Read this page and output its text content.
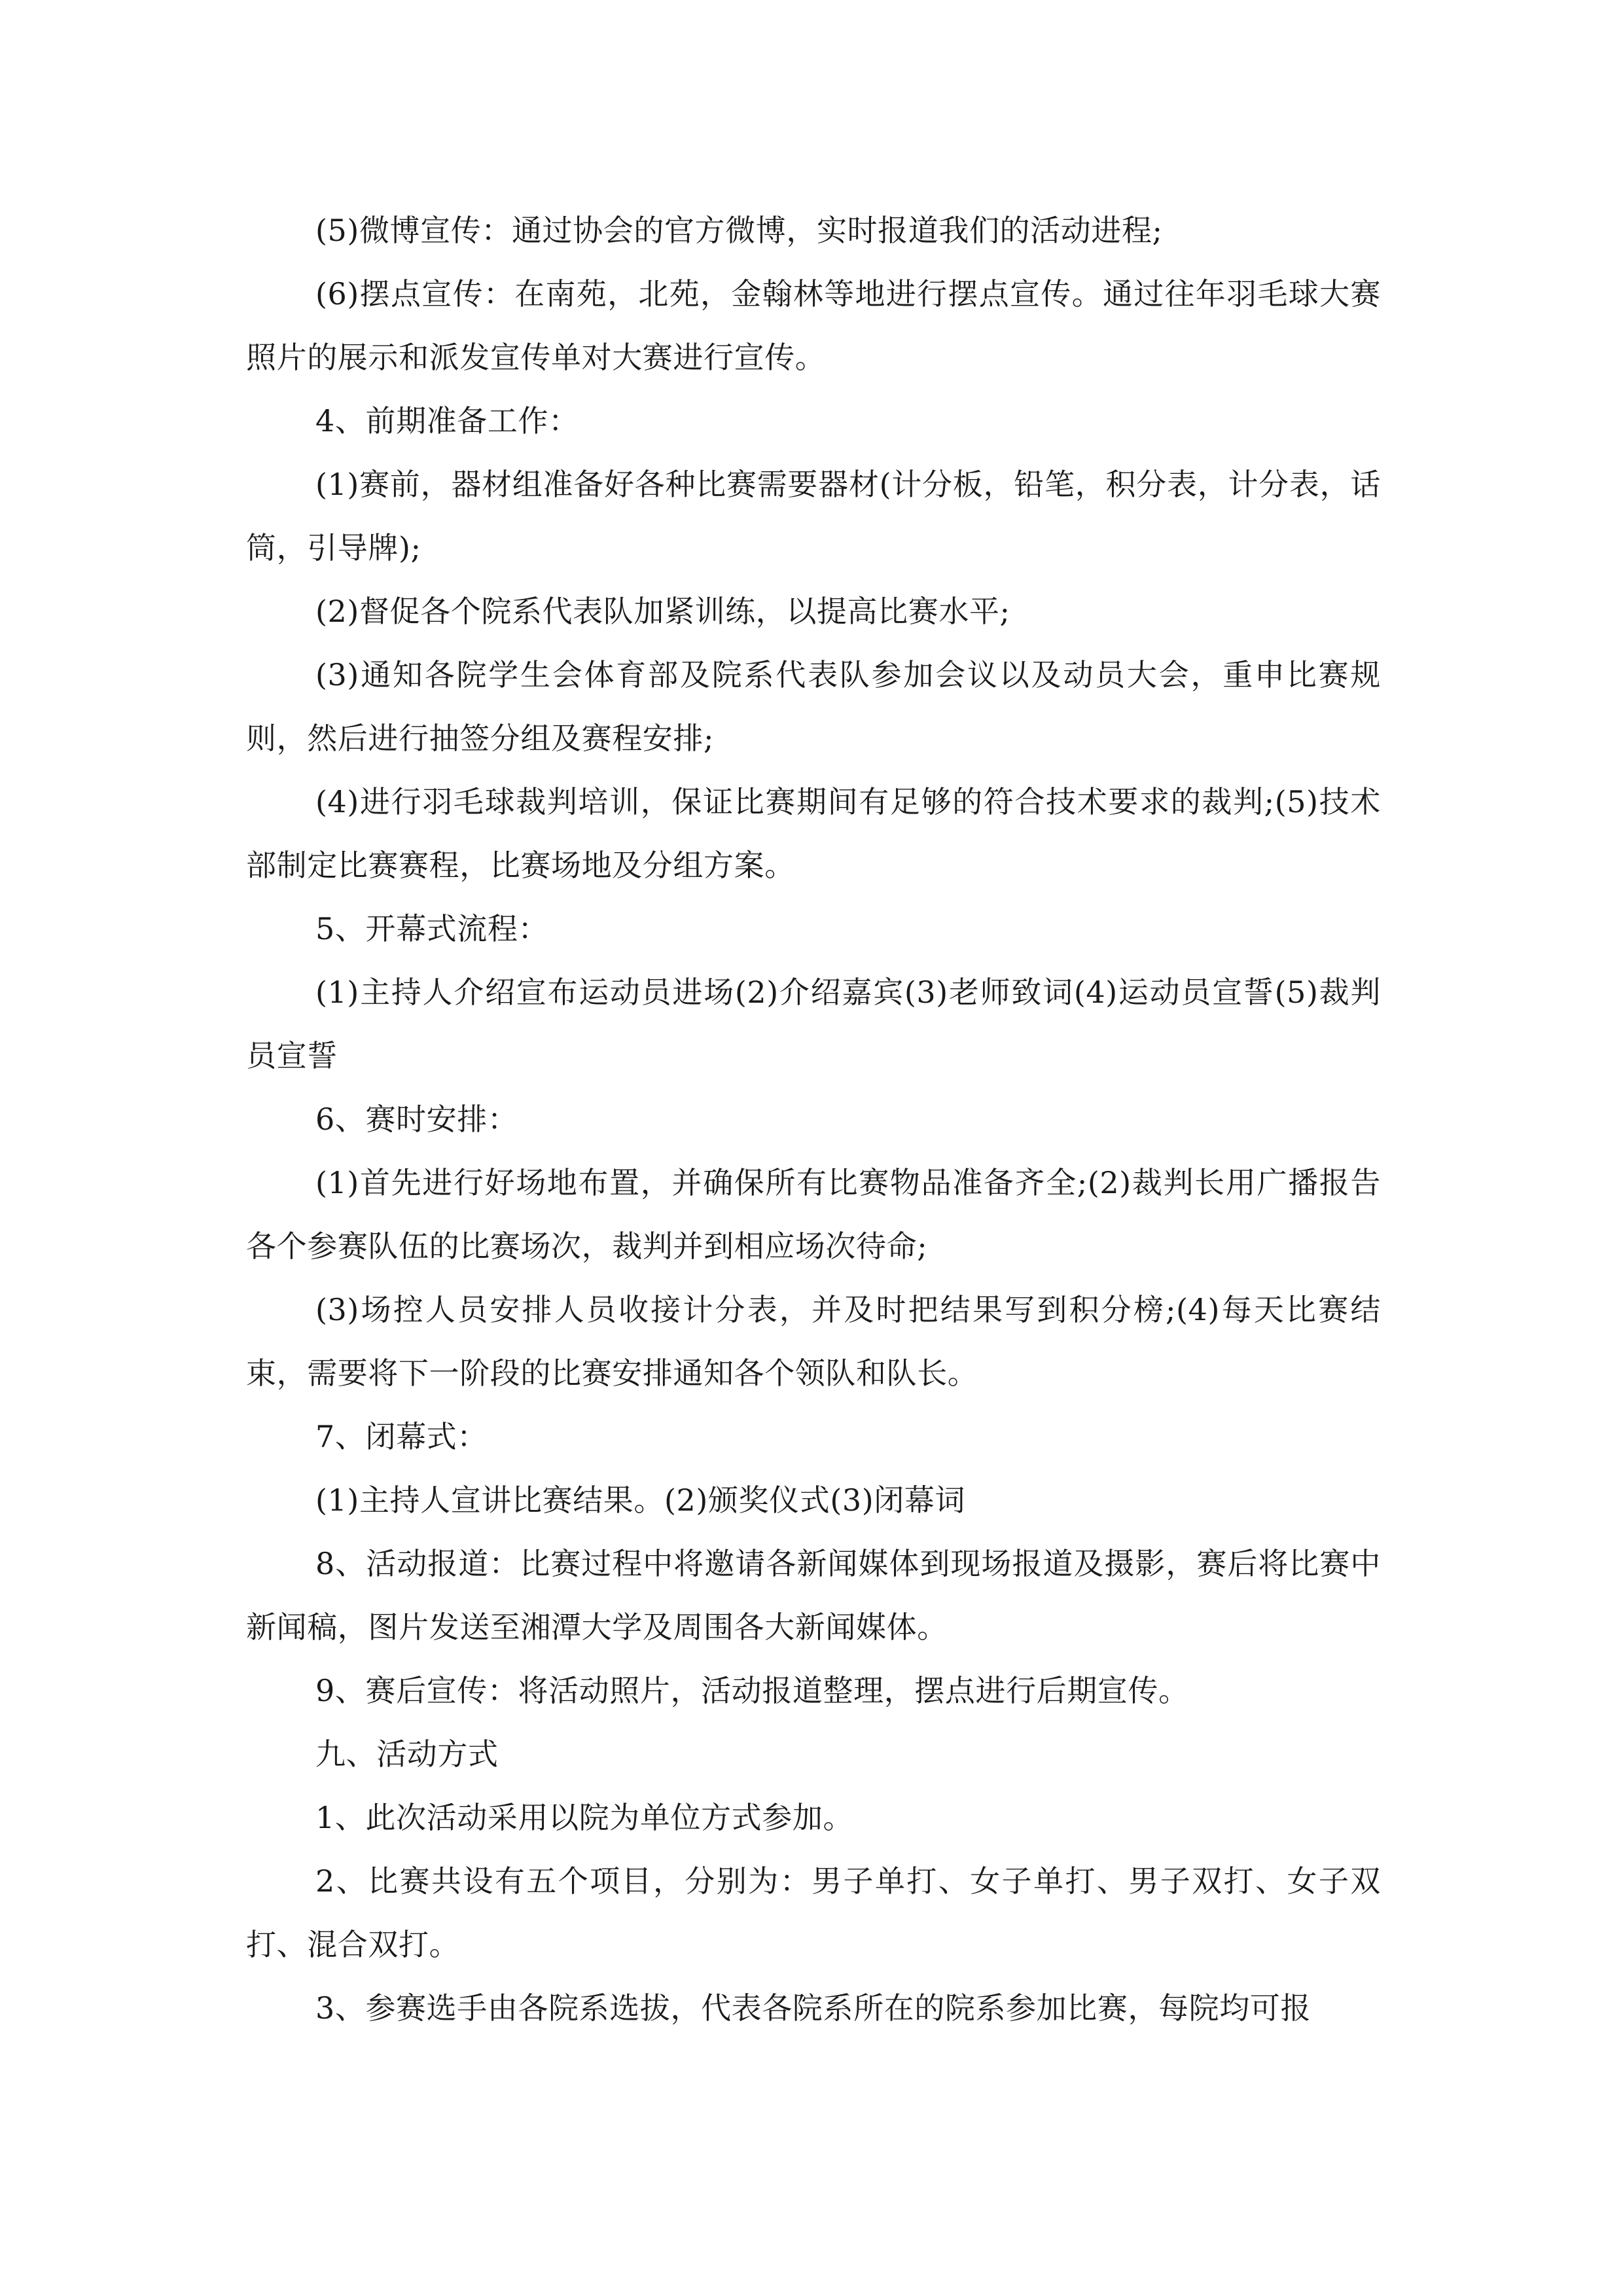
(5)微博宣传：通过协会的官方微博，实时报道我们的活动进程;

(6)摆点宣传：在南苑，北苑，金翰林等地进行摆点宣传。通过往年羽毛球大赛照片的展示和派发宣传单对大赛进行宣传。

4、前期准备工作：

(1)赛前，器材组准备好各种比赛需要器材(计分板，铅笔，积分表，计分表，话筒，引导牌);

(2)督促各个院系代表队加紧训练，以提高比赛水平;

(3)通知各院学生会体育部及院系代表队参加会议以及动员大会，重申比赛规则，然后进行抽签分组及赛程安排;

(4)进行羽毛球裁判培训，保证比赛期间有足够的符合技术要求的裁判;(5)技术部制定比赛赛程，比赛场地及分组方案。

5、开幕式流程：

(1)主持人介绍宣布运动员进场(2)介绍嘉宾(3)老师致词(4)运动员宣誓(5)裁判员宣誓

6、赛时安排：

(1)首先进行好场地布置，并确保所有比赛物品准备齐全;(2)裁判长用广播报告各个参赛队伍的比赛场次，裁判并到相应场次待命;

(3)场控人员安排人员收接计分表，并及时把结果写到积分榜;(4)每天比赛结束，需要将下一阶段的比赛安排通知各个领队和队长。

7、闭幕式：

(1)主持人宣讲比赛结果。(2)颁奖仪式(3)闭幕词

8、活动报道：比赛过程中将邀请各新闻媒体到现场报道及摄影，赛后将比赛中新闻稿，图片发送至湘潭大学及周围各大新闻媒体。

9、赛后宣传：将活动照片，活动报道整理，摆点进行后期宣传。

九、活动方式

1、此次活动采用以院为单位方式参加。

2、比赛共设有五个项目，分别为：男子单打、女子单打、男子双打、女子双打、混合双打。

3、参赛选手由各院系选拔，代表各院系所在的院系参加比赛，每院均可报
